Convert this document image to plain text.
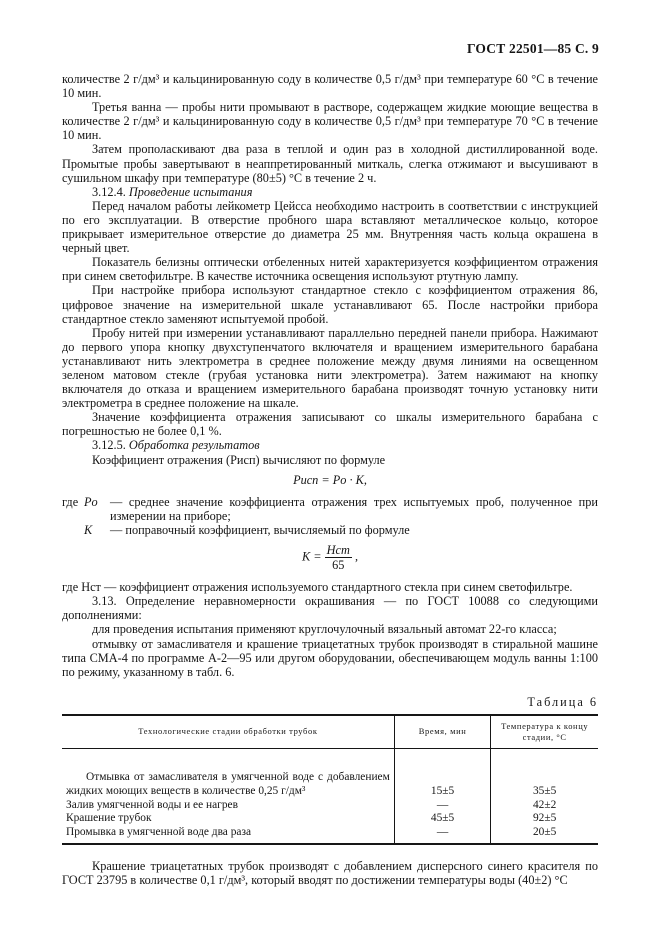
ГОСТ 22501—85 С. 9

количестве 2 г/дм³ и кальцинированную соду в количестве 0,5 г/дм³ при температуре 60 °С в течение 10 мин.

Третья ванна — пробы нити промывают в растворе, содержащем жидкие моющие вещества в количестве 2 г/дм³ и кальцинированную соду в количестве 0,5 г/дм³ при температуре 70 °С в течение 10 мин.

Затем прополаскивают два раза в теплой и один раз в холодной дистиллированной воде. Промытые пробы завертывают в неаппретированный миткаль, слегка отжимают и высушивают в сушильном шкафу при температуре (80±5) °С в течение 2 ч.

3.12.4. Проведение испытания

Перед началом работы лейкометр Цейсса необходимо настроить в соответствии с инструкцией по его эксплуатации. В отверстие пробного шара вставляют металлическое кольцо, которое прикрывает измерительное отверстие до диаметра 25 мм. Внутренняя часть кольца окрашена в черный цвет.

Показатель белизны оптически отбеленных нитей характеризуется коэффициентом отражения при синем светофильтре. В качестве источника освещения используют ртутную лампу.

При настройке прибора используют стандартное стекло с коэффициентом отражения 86, цифровое значение на измерительной шкале устанавливают 65. После настройки прибора стандартное стекло заменяют испытуемой пробой.

Пробу нитей при измерении устанавливают параллельно передней панели прибора. Нажимают до первого упора кнопку двухступенчатого включателя и вращением измерительного барабана устанавливают нить электрометра в среднее положение между двумя линиями на освещенном зеленом матовом стекле (грубая установка нити электрометра). Затем нажимают на кнопку включателя до отказа и вращением измерительного барабана производят точную установку нити электрометра в среднее положение на шкале.

Значение коэффициента отражения записывают со шкалы измерительного барабана с погрешностью не более 0,1 %.

3.12.5. Обработка результатов

Коэффициент отражения (Pисп) вычисляют по формуле

Pисп = Pо · K,
где Pо	— среднее значение коэффициента отражения трех испытуемых проб, полученное при измерении на приборе;
K	— поправочный коэффициент, вычисляемый по формуле
$K = \frac{\text{Hст}}{65}$ ,

где Hст — коэффициент отражения используемого стандартного стекла при синем светофильтре.

3.13. Определение неравномерности окрашивания — по ГОСТ 10088 со следующими дополнениями:

для проведения испытания применяют круглочулочный вязальный автомат 22-го класса;

отмывку от замасливателя и крашение триацетатных трубок производят в стиральной машине типа СМА-4 по программе А-2—95 или другом оборудовании, обеспечивающем модуль ванны 1:100 по режиму, указанному в табл. 6.

Таблица 6
Технологические стадии обработки трубок	Время, мин	Температура к концу стадии, °С
Отмывка от замасливателя в умягченной воде с добавлением жидких моющих веществ в количестве 0,25 г/дм³	15±5	35±5
Залив умягченной воды и ее нагрев	—	42±2
Крашение трубок	45±5	92±5
Промывка в умягченной воде два раза	—	20±5

Крашение триацетатных трубок производят с добавлением дисперсного синего красителя по ГОСТ 23795 в количестве 0,1 г/дм³, который вводят по достижении температуры воды (40±2) °С
